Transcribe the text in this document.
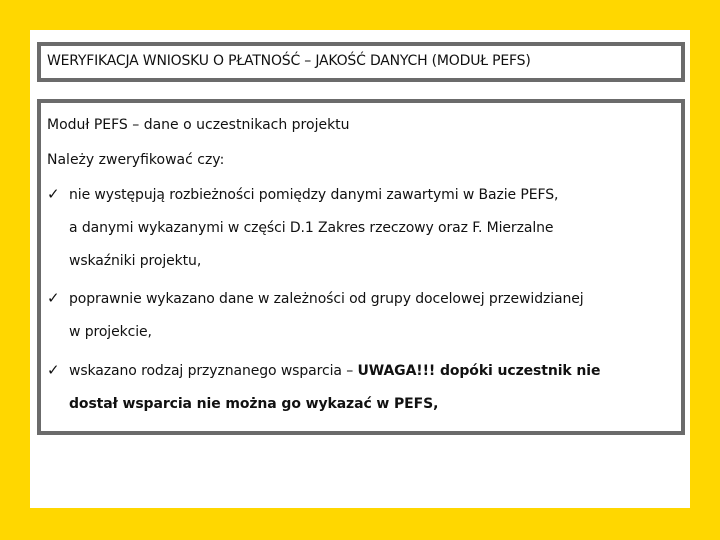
WERYFIKACJA WNIOSKU O PŁATNOŚĆ – JAKOŚĆ DANYCH (MODUŁ PEFS)
Moduł PEFS – dane o uczestnikach projektu
Należy zweryfikować czy:
✓ nie występują rozbieżności pomiędzy danymi zawartymi w Bazie PEFS,
a danymi wykazanymi w części D.1 Zakres rzeczowy oraz F. Mierzalne
wskaźniki projektu,
✓ poprawnie wykazano dane w zależności od grupy docelowej przewidzianej
w projekcie,
✓ wskazano rodzaj przyznanego wsparcia – UWAGA!!! dopóki uczestnik nie
dostał wsparcia nie można go wykazać w PEFS,
